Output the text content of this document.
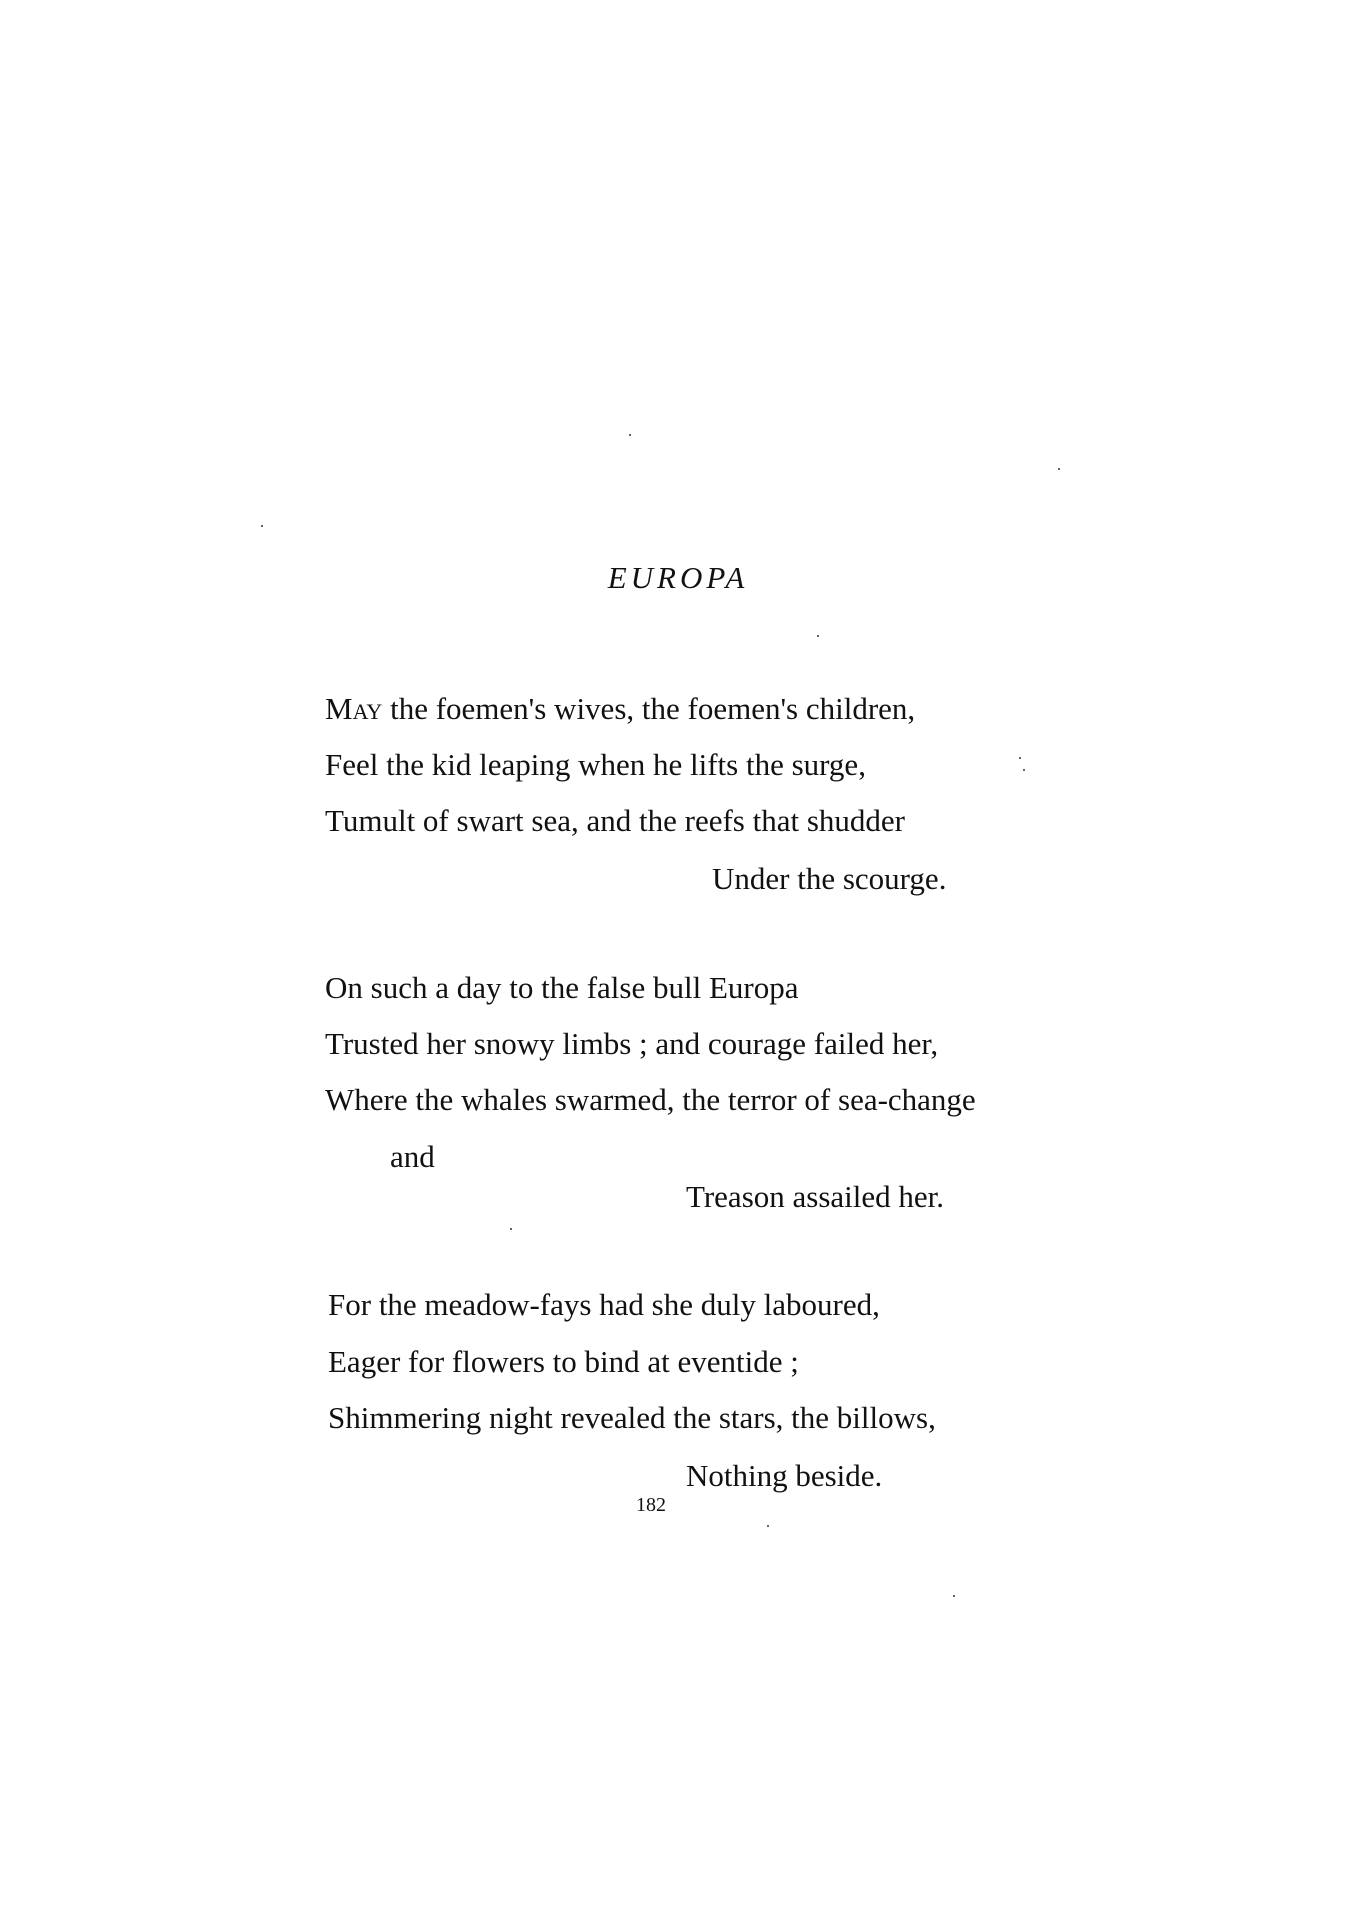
EUROPA
May the foemen's wives, the foemen's children,
Feel the kid leaping when he lifts the surge,
Tumult of swart sea, and the reefs that shudder
Under the scourge.
On such a day to the false bull Europa
Trusted her snowy limbs ; and courage failed her,
Where the whales swarmed, the terror of sea-change
and
Treason assailed her.
For the meadow-fays had she duly laboured,
Eager for flowers to bind at eventide ;
Shimmering night revealed the stars, the billows,
Nothing beside.
182
